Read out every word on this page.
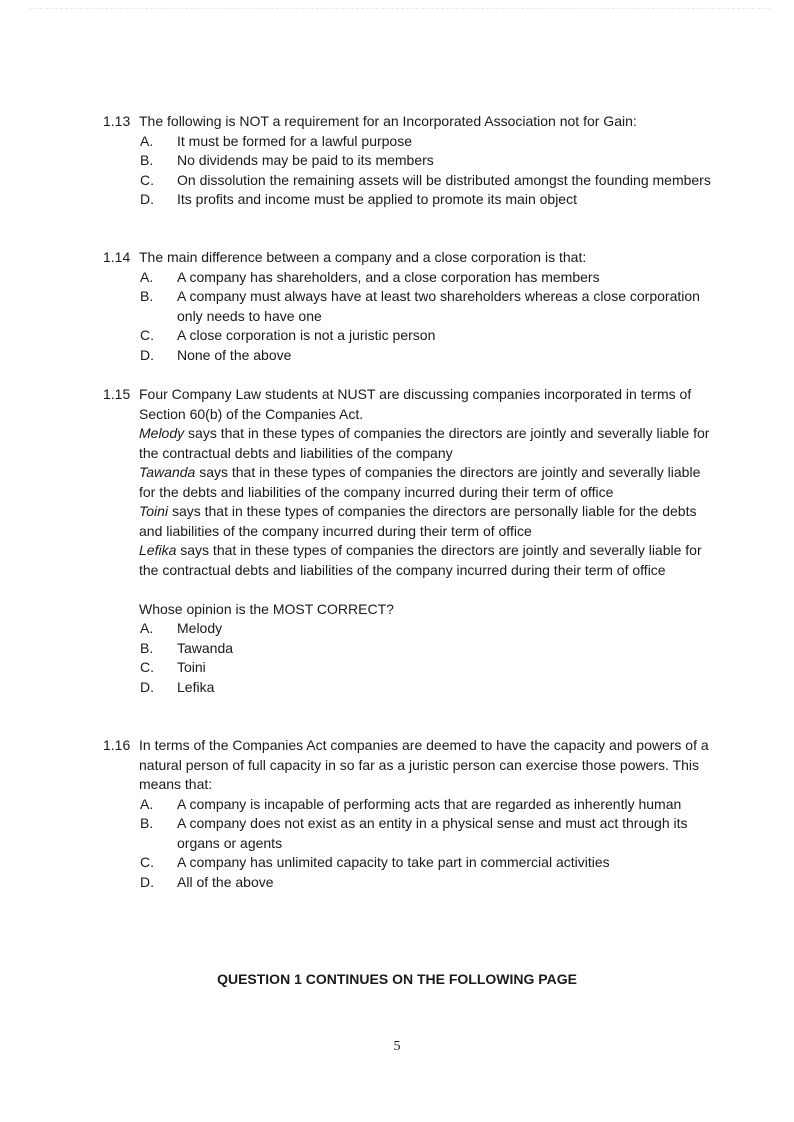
1.13 The following is NOT a requirement for an Incorporated Association not for Gain:
A. It must be formed for a lawful purpose
B. No dividends may be paid to its members
C. On dissolution the remaining assets will be distributed amongst the founding members
D. Its profits and income must be applied to promote its main object
1.14 The main difference between a company and a close corporation is that:
A. A company has shareholders, and a close corporation has members
B. A company must always have at least two shareholders whereas a close corporation only needs to have one
C. A close corporation is not a juristic person
D. None of the above
1.15 Four Company Law students at NUST are discussing companies incorporated in terms of Section 60(b) of the Companies Act.
Melody says that in these types of companies the directors are jointly and severally liable for the contractual debts and liabilities of the company
Tawanda says that in these types of companies the directors are jointly and severally liable for the debts and liabilities of the company incurred during their term of office
Toini says that in these types of companies the directors are personally liable for the debts and liabilities of the company incurred during their term of office
Lefika says that in these types of companies the directors are jointly and severally liable for the contractual debts and liabilities of the company incurred during their term of office
Whose opinion is the MOST CORRECT?
A. Melody
B. Tawanda
C. Toini
D. Lefika
1.16 In terms of the Companies Act companies are deemed to have the capacity and powers of a natural person of full capacity in so far as a juristic person can exercise those powers. This means that:
A. A company is incapable of performing acts that are regarded as inherently human
B. A company does not exist as an entity in a physical sense and must act through its organs or agents
C. A company has unlimited capacity to take part in commercial activities
D. All of the above
QUESTION 1 CONTINUES ON THE FOLLOWING PAGE
5
